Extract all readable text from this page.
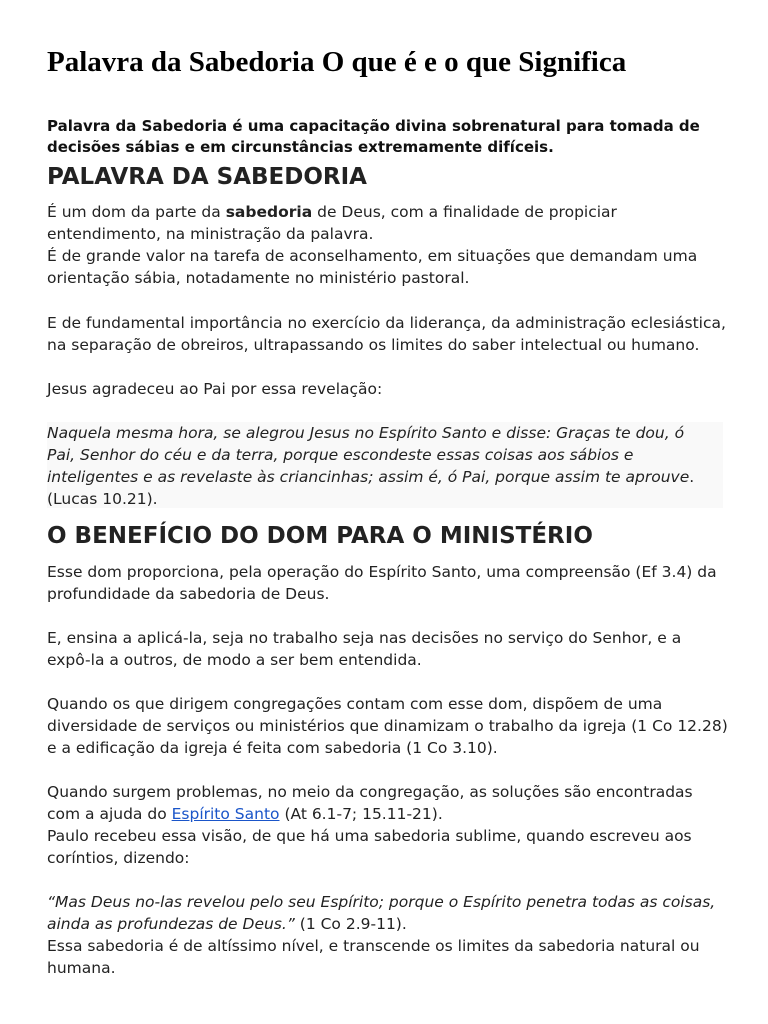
Palavra da Sabedoria O que é e o que Significa

Palavra da Sabedoria é uma capacitação divina sobrenatural para tomada de decisões sábias e em circunstâncias extremamente difíceis.

PALAVRA DA SABEDORIA

É um dom da parte da sabedoria de Deus, com a finalidade de propiciar entendimento, na ministração da palavra.

É de grande valor na tarefa de aconselhamento, em situações que demandam uma orientação sábia, notadamente no ministério pastoral.

E de fundamental importância no exercício da liderança, da administração eclesiástica, na separação de obreiros, ultrapassando os limites do saber intelectual ou humano.

Jesus agradeceu ao Pai por essa revelação:

Naquela mesma hora, se alegrou Jesus no Espírito Santo e disse: Graças te dou, ó Pai, Senhor do céu e da terra, porque escondeste essas coisas aos sábios e inteligentes e as revelaste às criancinhas; assim é, ó Pai, porque assim te aprouve.
(Lucas 10.21).

O BENEFÍCIO DO DOM PARA O MINISTÉRIO

Esse dom proporciona, pela operação do Espírito Santo, uma compreensão (Ef 3.4) da profundidade da sabedoria de Deus.

E, ensina a aplicá-la, seja no trabalho seja nas decisões no serviço do Senhor, e a expô-la a outros, de modo a ser bem entendida.

Quando os que dirigem congregações contam com esse dom, dispõem de uma diversidade de serviços ou ministérios que dinamizam o trabalho da igreja (1 Co 12.28) e a edificação da igreja é feita com sabedoria (1 Co 3.10).

Quando surgem problemas, no meio da congregação, as soluções são encontradas
com a ajuda do Espírito Santo (At 6.1-7; 15.11-21).
Paulo recebeu essa visão, de que há uma sabedoria sublime, quando escreveu aos coríntios, dizendo:

“Mas Deus no-las revelou pelo seu Espírito; porque o Espírito penetra todas as coisas, ainda as profundezas de Deus.” (1 Co 2.9-11).
Essa sabedoria é de altíssimo nível, e transcende os limites da sabedoria natural ou humana.
